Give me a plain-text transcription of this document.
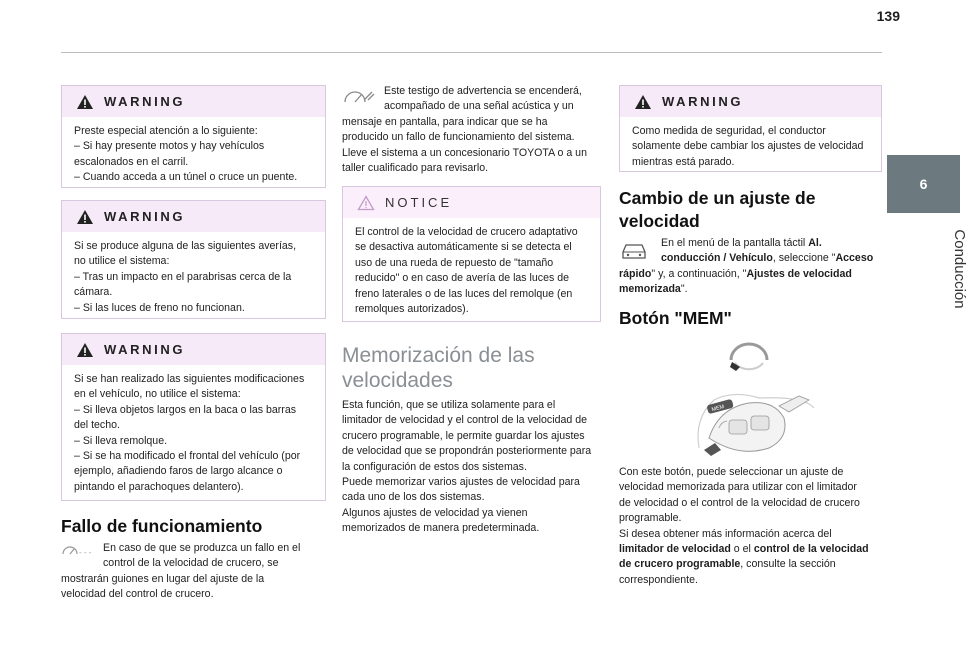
139
6
Conducción
WARNING
Preste especial atención a lo siguiente:
– Si hay presente motos y hay vehículos
escalonados en el carril.
– Cuando acceda a un túnel o cruce un puente.
WARNING
Si se produce alguna de las siguientes averías,
no utilice el sistema:
– Tras un impacto en el parabrisas cerca de la
cámara.
– Si las luces de freno no funcionan.
WARNING
Si se han realizado las siguientes modificaciones
en el vehículo, no utilice el sistema:
– Si lleva objetos largos en la baca o las barras
del techo.
– Si lleva remolque.
– Si se ha modificado el frontal del vehículo (por
ejemplo, añadiendo faros de largo alcance o
pintando el parachoques delantero).
Fallo de funcionamiento
- - -	En caso de que se produzca un fallo en el
control de la velocidad de crucero, se
mostrarán guiones en lugar del ajuste de la
velocidad del control de crucero.
Este testigo de advertencia se encenderá,
acompañado de una señal acústica y un
mensaje en pantalla, para indicar que se ha
producido un fallo de funcionamiento del sistema.
Lleve el sistema a un concesionario TOYOTA o a un
taller cualificado para revisarlo.
NOTICE
El control de la velocidad de crucero adaptativo
se desactiva automáticamente si se detecta el
uso de una rueda de repuesto de "tamaño
reducido" o en caso de avería de las luces de
freno laterales o de las luces del remolque (en
remolques autorizados).
Memorización de las
velocidades
Esta función, que se utiliza solamente para el
limitador de velocidad y el control de la velocidad de
crucero programable, le permite guardar los ajustes
de velocidad que se propondrán posteriormente para
la configuración de estos dos sistemas.
Puede memorizar varios ajustes de velocidad para
cada uno de los dos sistemas.
Algunos ajustes de velocidad ya vienen
memorizados de manera predeterminada.
WARNING
Como medida de seguridad, el conductor
solamente debe cambiar los ajustes de velocidad
mientras está parado.
Cambio de un ajuste de
velocidad
En el menú de la pantalla táctil Al.
conducción / Vehículo, seleccione "Acceso
rápido" y, a continuación, "Ajustes de velocidad
memorizada".
Botón "MEM"
MEM
Con este botón, puede seleccionar un ajuste de
velocidad memorizada para utilizar con el limitador
de velocidad o el control de la velocidad de crucero
programable.
Si desea obtener más información acerca del
limitador de velocidad o el control de la velocidad
de crucero programable, consulte la sección
correspondiente.
